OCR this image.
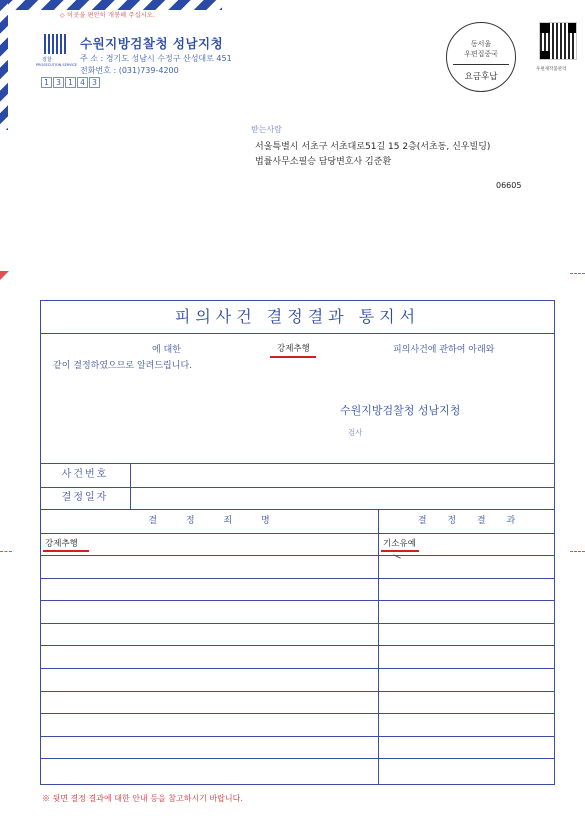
◇ 이곳을 편안히 개봉해 주십시오.
검찰
PROSECUTION SERVICE
수원지방검찰청 성남지청
주 소 : 경기도 성남시 수정구 산성대로 451
전화번호 : (031)739-4200
1 3 1 4 3
동서울
우편집중국
요금후납
우편제작품관리
받는사람
서울특별시 서초구 서초대로51길 15 2층(서초동, 신우빌딩)
법률사무소필승 담당변호사 김준환
06605
피의사건 결정결과 통지서
에 대한	강제추행	피의사건에 관하여 아래와
같이 결정하였으므로 알려드립니다.
수원지방검찰청 성남지청
검사
사건번호
결정일자
결 정 죄 명	결 정 결 과
강제추행	기소유예
※ 뒷면 결정 결과에 대한 안내 등을 참고하시기 바랍니다.
